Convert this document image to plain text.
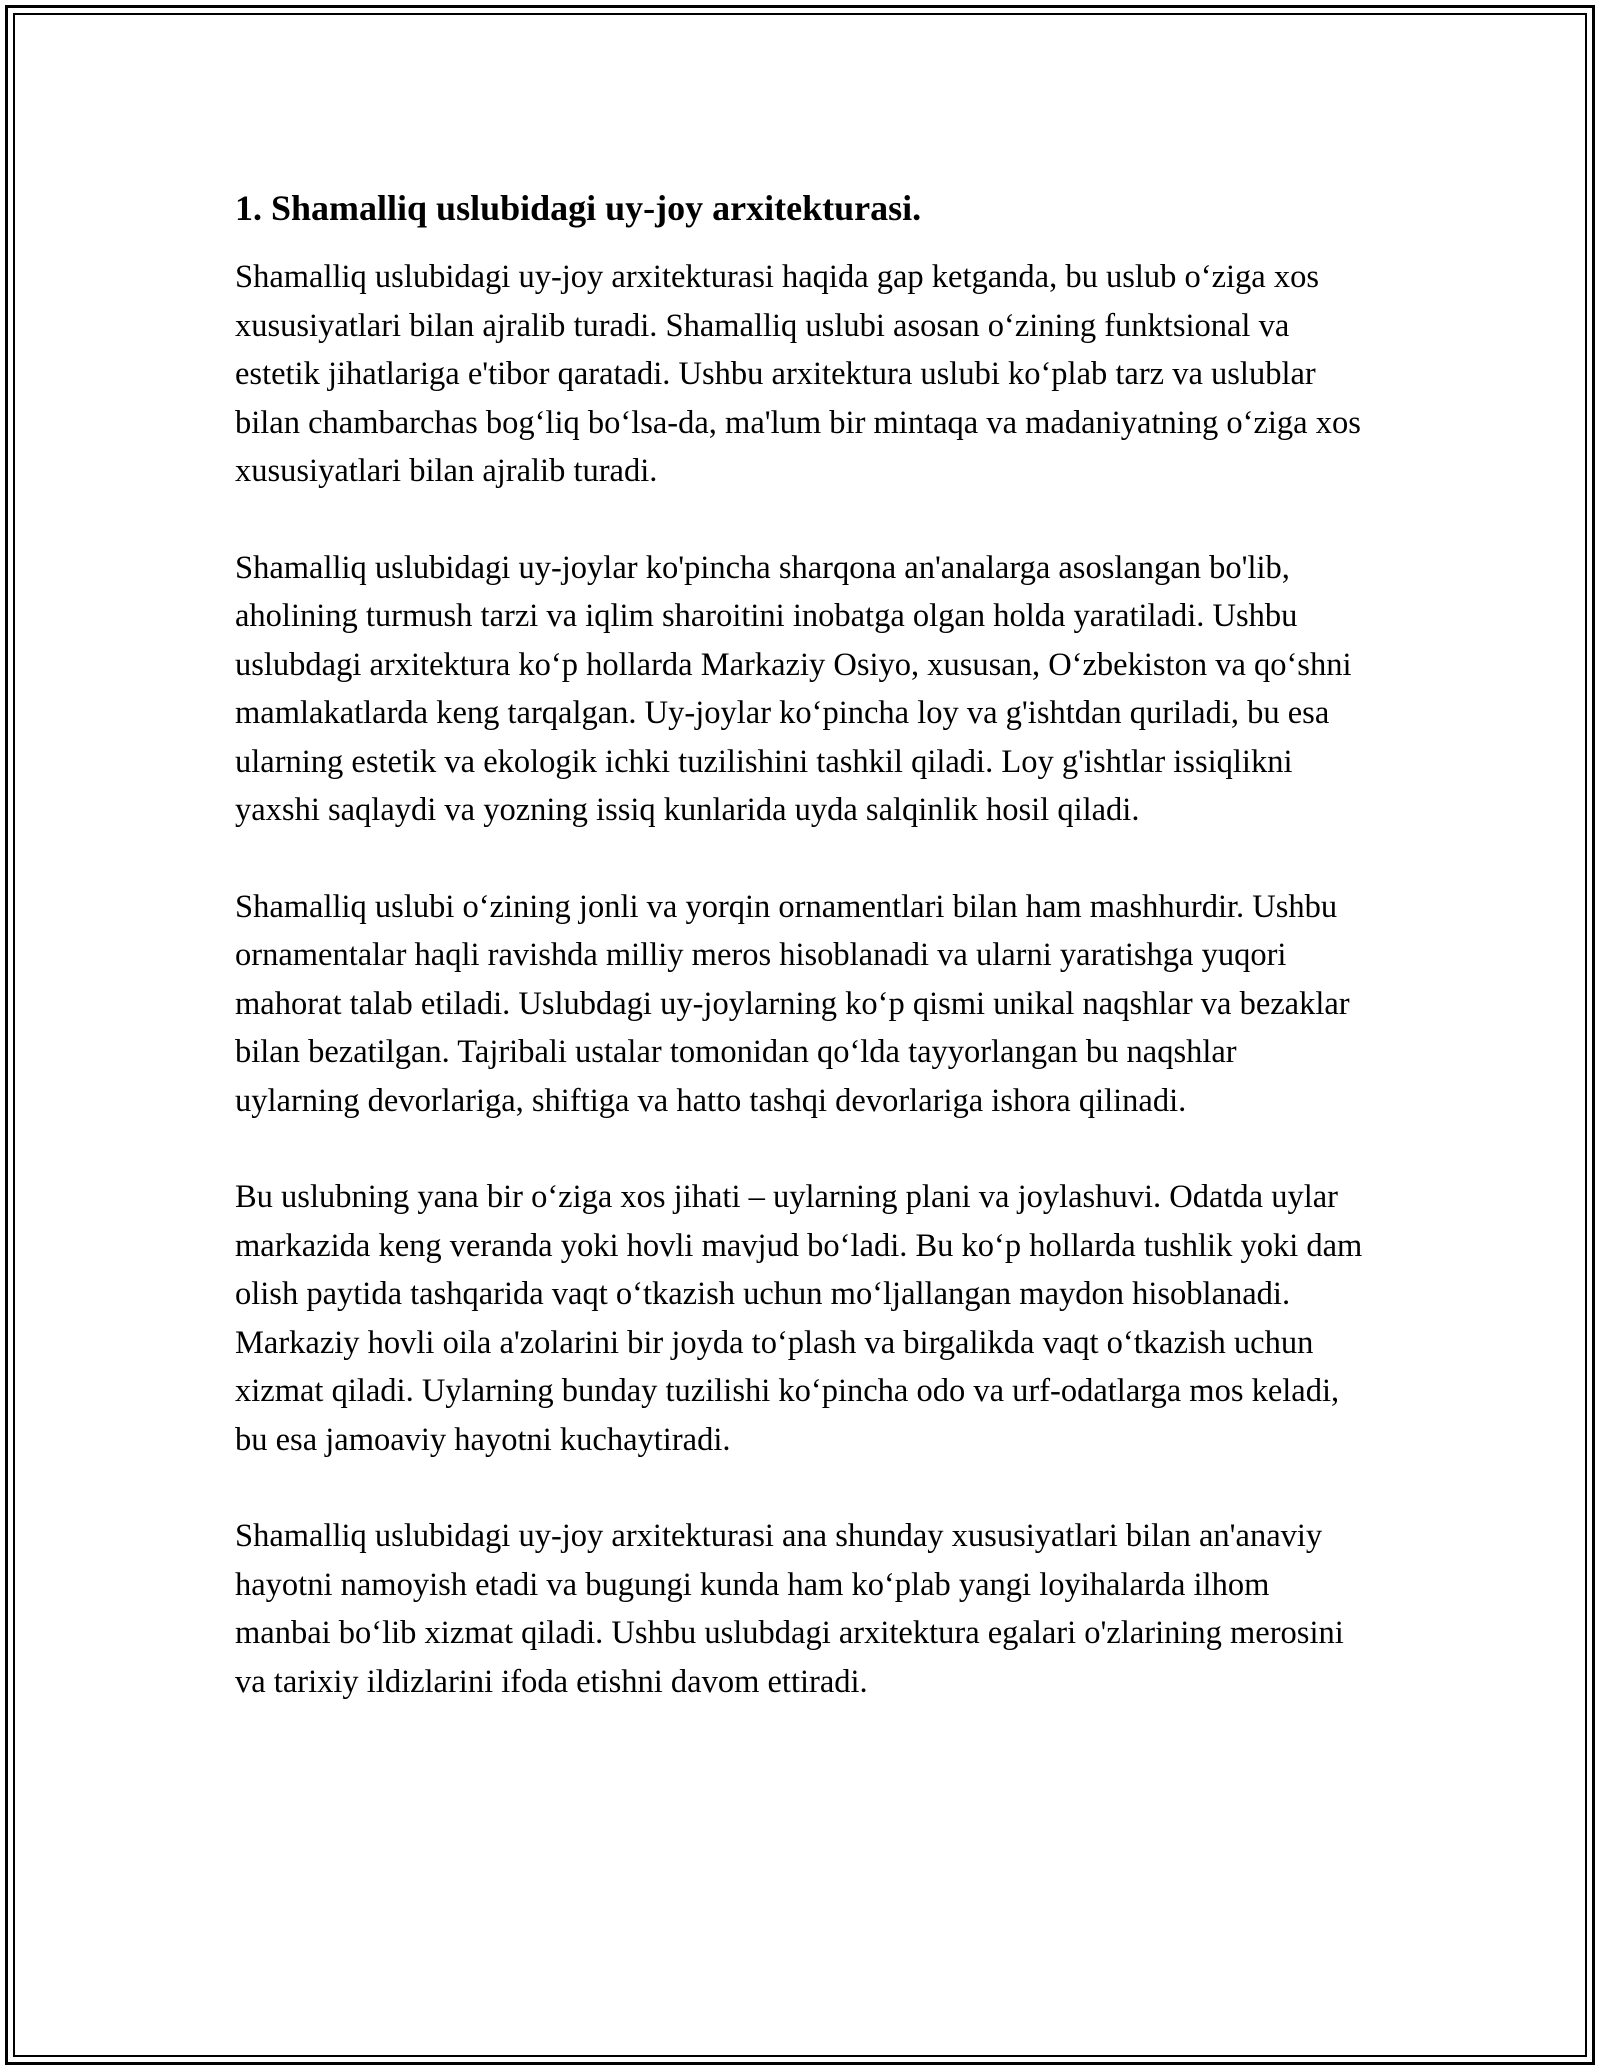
1. Shamalliq uslubidagi uy-joy arxitekturasi.

Shamalliq uslubidagi uy-joy arxitekturasi haqida gap ketganda, bu uslub o‘ziga xos xususiyatlari bilan ajralib turadi. Shamalliq uslubi asosan o‘zining funktsional va estetik jihatlariga e'tibor qaratadi. Ushbu arxitektura uslubi ko‘plab tarz va uslublar bilan chambarchas bog‘liq bo‘lsa-da, ma'lum bir mintaqa va madaniyatning o‘ziga xos xususiyatlari bilan ajralib turadi.

Shamalliq uslubidagi uy-joylar ko'pincha sharqona an'analarga asoslangan bo'lib, aholining turmush tarzi va iqlim sharoitini inobatga olgan holda yaratiladi. Ushbu uslubdagi arxitektura ko‘p hollarda Markaziy Osiyo, xususan, O‘zbekiston va qo‘shni mamlakatlarda keng tarqalgan. Uy-joylar ko‘pincha loy va g'ishtdan quriladi, bu esa ularning estetik va ekologik ichki tuzilishini tashkil qiladi. Loy g'ishtlar issiqlikni yaxshi saqlaydi va yozning issiq kunlarida uyda salqinlik hosil qiladi.

Shamalliq uslubi o‘zining jonli va yorqin ornamentlari bilan ham mashhurdir. Ushbu ornamentalar haqli ravishda milliy meros hisoblanadi va ularni yaratishga yuqori mahorat talab etiladi. Uslubdagi uy-joylarning ko‘p qismi unikal naqshlar va bezaklar bilan bezatilgan. Tajribali ustalar tomonidan qo‘lda tayyorlangan bu naqshlar uylarning devorlariga, shiftiga va hatto tashqi devorlariga ishora qilinadi.

Bu uslubning yana bir o‘ziga xos jihati – uylarning plani va joylashuvi. Odatda uylar markazida keng veranda yoki hovli mavjud bo‘ladi. Bu ko‘p hollarda tushlik yoki dam olish paytida tashqarida vaqt o‘tkazish uchun mo‘ljallangan maydon hisoblanadi. Markaziy hovli oila a'zolarini bir joyda to‘plash va birgalikda vaqt o‘tkazish uchun xizmat qiladi. Uylarning bunday tuzilishi ko‘pincha odo va urf-odatlarga mos keladi, bu esa jamoaviy hayotni kuchaytiradi.

Shamalliq uslubidagi uy-joy arxitekturasi ana shunday xususiyatlari bilan an'anaviy hayotni namoyish etadi va bugungi kunda ham ko‘plab yangi loyihalarda ilhom manbai bo‘lib xizmat qiladi. Ushbu uslubdagi arxitektura egalari o'zlarining merosini va tarixiy ildizlarini ifoda etishni davom ettiradi.
